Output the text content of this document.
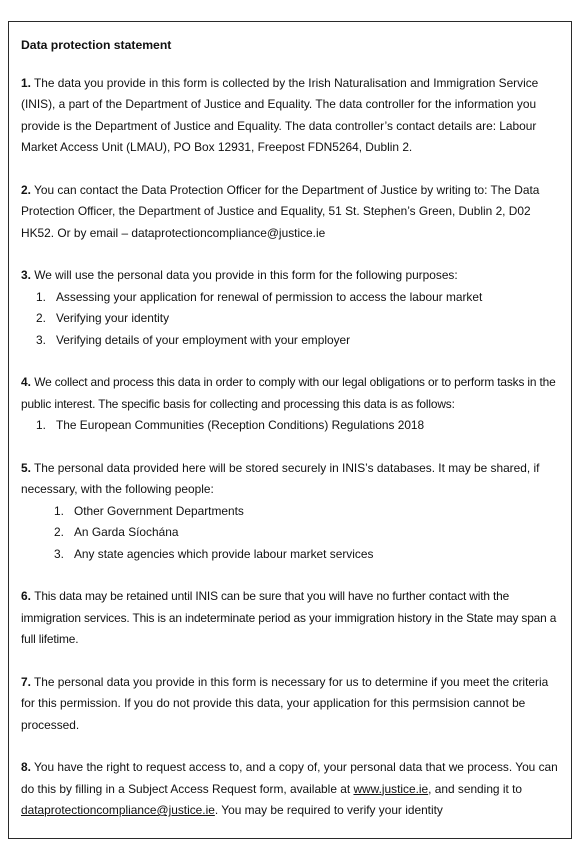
Data protection statement
1. The data you provide in this form is collected by the Irish Naturalisation and Immigration Service (INIS), a part of the Department of Justice and Equality. The data controller for the information you provide is the Department of Justice and Equality. The data controller’s contact details are: Labour Market Access Unit (LMAU), PO Box 12931, Freepost FDN5264, Dublin 2.
2. You can contact the Data Protection Officer for the Department of Justice by writing to: The Data Protection Officer, the Department of Justice and Equality, 51 St. Stephen’s Green, Dublin 2, D02 HK52. Or by email – dataprotectioncompliance@justice.ie
3. We will use the personal data you provide in this form for the following purposes:
1. Assessing your application for renewal of permission to access the labour market
2. Verifying your identity
3. Verifying details of your employment with your employer
4. We collect and process this data in order to comply with our legal obligations or to perform tasks in the public interest. The specific basis for collecting and processing this data is as follows:
1. The European Communities (Reception Conditions) Regulations 2018
5. The personal data provided here will be stored securely in INIS’s databases. It may be shared, if necessary, with the following people:
1. Other Government Departments
2. An Garda Síochána
3. Any state agencies which provide labour market services
6. This data may be retained until INIS can be sure that you will have no further contact with the immigration services. This is an indeterminate period as your immigration history in the State may span a full lifetime.
7. The personal data you provide in this form is necessary for us to determine if you meet the criteria for this permission. If you do not provide this data, your application for this permsision cannot be processed.
8. You have the right to request access to, and a copy of, your personal data that we process. You can do this by filling in a Subject Access Request form, available at www.justice.ie, and sending it to dataprotectioncompliance@justice.ie. You may be required to verify your identity
